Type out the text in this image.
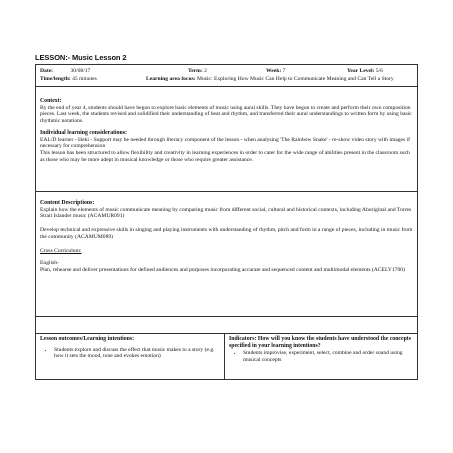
LESSON:- Music Lesson 2
Date:	30/08/17	Term: 2	Week: 7	Year Level: 5/6
Time/length: 45 minutes	Learning area focus: Music: Exploring How Music Can Help to Communicate Meaning and Can Tell a Story
Context:

By the end of year 4, students should have begun to explore basic elements of music using aural skills. They have begun to create and perform their own composition pieces. Last week, the students revised and solidified their understanding of beat and rhythm, and transferred their aural understandings to written form by using basic rhythmic notations.

Individual learning considerations:

EAL/D learner - Heki - Support may be needed through literacy component of the lesson - when analysing 'The Rainbow Snake' - re-show video story with images if necessary for comprehension

This lesson has been structured to allow flexibility and creativity in learning experiences in order to cater for the wide range of abilities present in the classroom such as those who may be more adept in musical knowledge or those who require greater assistance.

Content Descriptions:

Explain how the elements of music communicate meaning by comparing music from different social, cultural and historical contexts, including Aboriginal and Torres Strait Islander music (ACAMUR091)

Develop technical and expressive skills in singing and playing instruments with understanding of rhythm, pitch and form in a range of pieces, including in music from the community (ACAMUM089)

Cross Curriculum:

English-

Plan, rehearse and deliver presentations for defined audiences and purposes incorporating accurate and sequenced content and multimodal elements (ACELY1700)

Lesson outcomes/Learning intentions:
• Students explore and discuss the effect that music makes to a story (e.g. how it sets the mood, tone and evokes emotion)
Indicators: How will you know the students have understood the concepts specified in your learning intentions?
• Students improvise, experiment, select, combine and order sound using musical concepts
